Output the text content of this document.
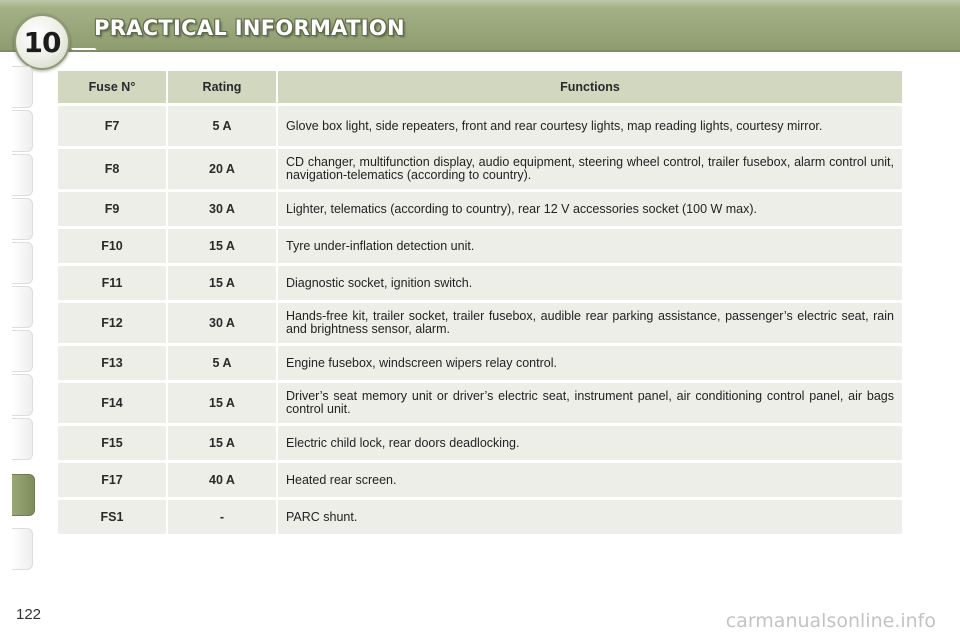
10 PRACTICAL INFORMATION
Fuse N°	Rating	Functions
F7	5 A	Glove box light, side repeaters, front and rear courtesy lights, map reading lights, courtesy mirror.
F8	20 A	CD changer, multifunction display, audio equipment, steering wheel control, trailer fusebox, alarm control unit, navigation-telematics (according to country).
F9	30 A	Lighter, telematics (according to country), rear 12 V accessories socket (100 W max).
F10	15 A	Tyre under-inflation detection unit.
F11	15 A	Diagnostic socket, ignition switch.
F12	30 A	Hands-free kit, trailer socket, trailer fusebox, audible rear parking assistance, passenger’s electric seat, rain and brightness sensor, alarm.
F13	5 A	Engine fusebox, windscreen wipers relay control.
F14	15 A	Driver’s seat memory unit or driver’s electric seat, instrument panel, air conditioning control panel, air bags control unit.
F15	15 A	Electric child lock, rear doors deadlocking.
F17	40 A	Heated rear screen.
FS1	-	PARC shunt.
122	carmanualsonline.info
